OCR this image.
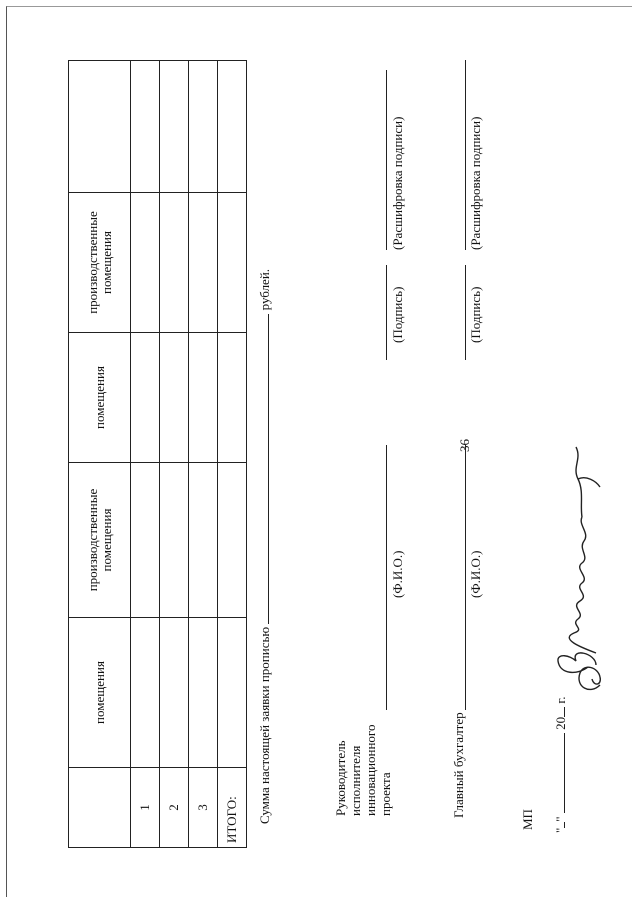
36
	помещения	производственные помещения	помещения	производственные помещения	
1					
2					
3					
ИТОГО:					Сумма настоящей заявки прописью  рублей.
Руководитель исполнителя инновационного проекта
(Ф.И.О.)
(Подпись)
(Расшифровка подписи)
Главный бухгалтер
(Ф.И.О.)
(Подпись)
(Расшифровка подписи)
МП
""  20 г.
